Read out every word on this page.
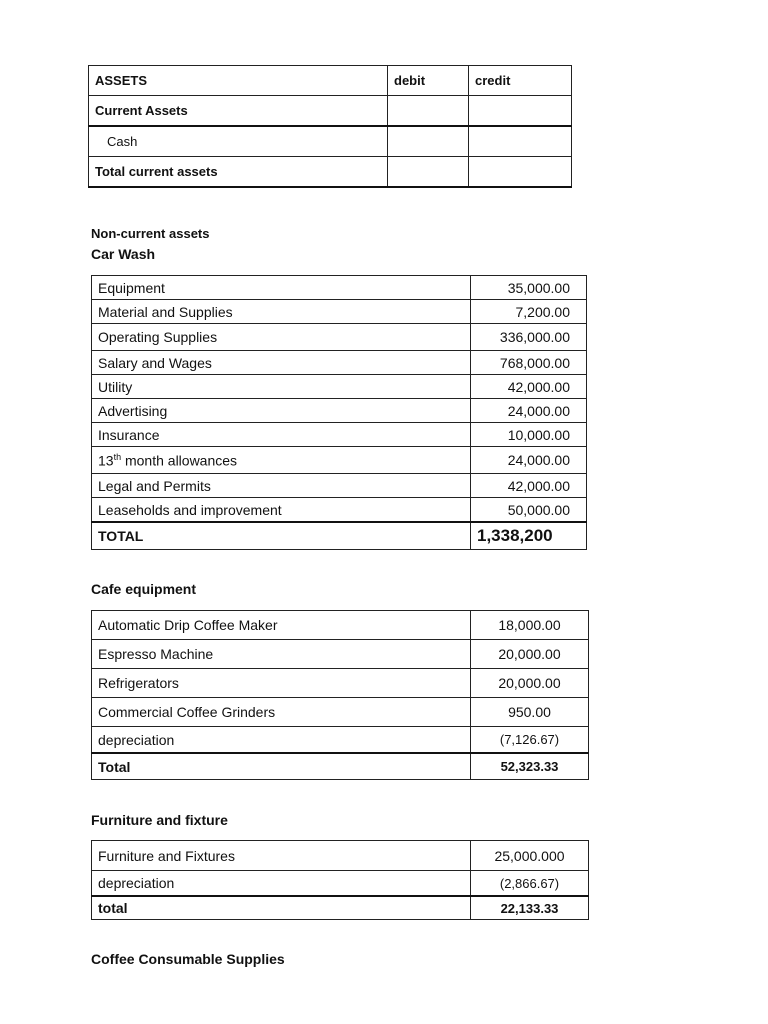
ASSETS	debit	credit
Current Assets		
Cash		
Total current assets		
Non-current assets
Car Wash
Equipment	35,000.00
Material and Supplies	7,200.00
Operating Supplies	336,000.00
Salary and Wages	768,000.00
Utility	42,000.00
Advertising	24,000.00
Insurance	10,000.00
13th month allowances	24,000.00
Legal and Permits	42,000.00
Leaseholds and improvement	50,000.00
TOTAL	1,338,200
Cafe equipment
Automatic Drip Coffee Maker	18,000.00
Espresso Machine	20,000.00
Refrigerators	20,000.00
Commercial Coffee Grinders	950.00
depreciation	(7,126.67)
Total	52,323.33
Furniture and fixture
Furniture and Fixtures	25,000.000
depreciation	(2,866.67)
total	22,133.33
Coffee Consumable Supplies
